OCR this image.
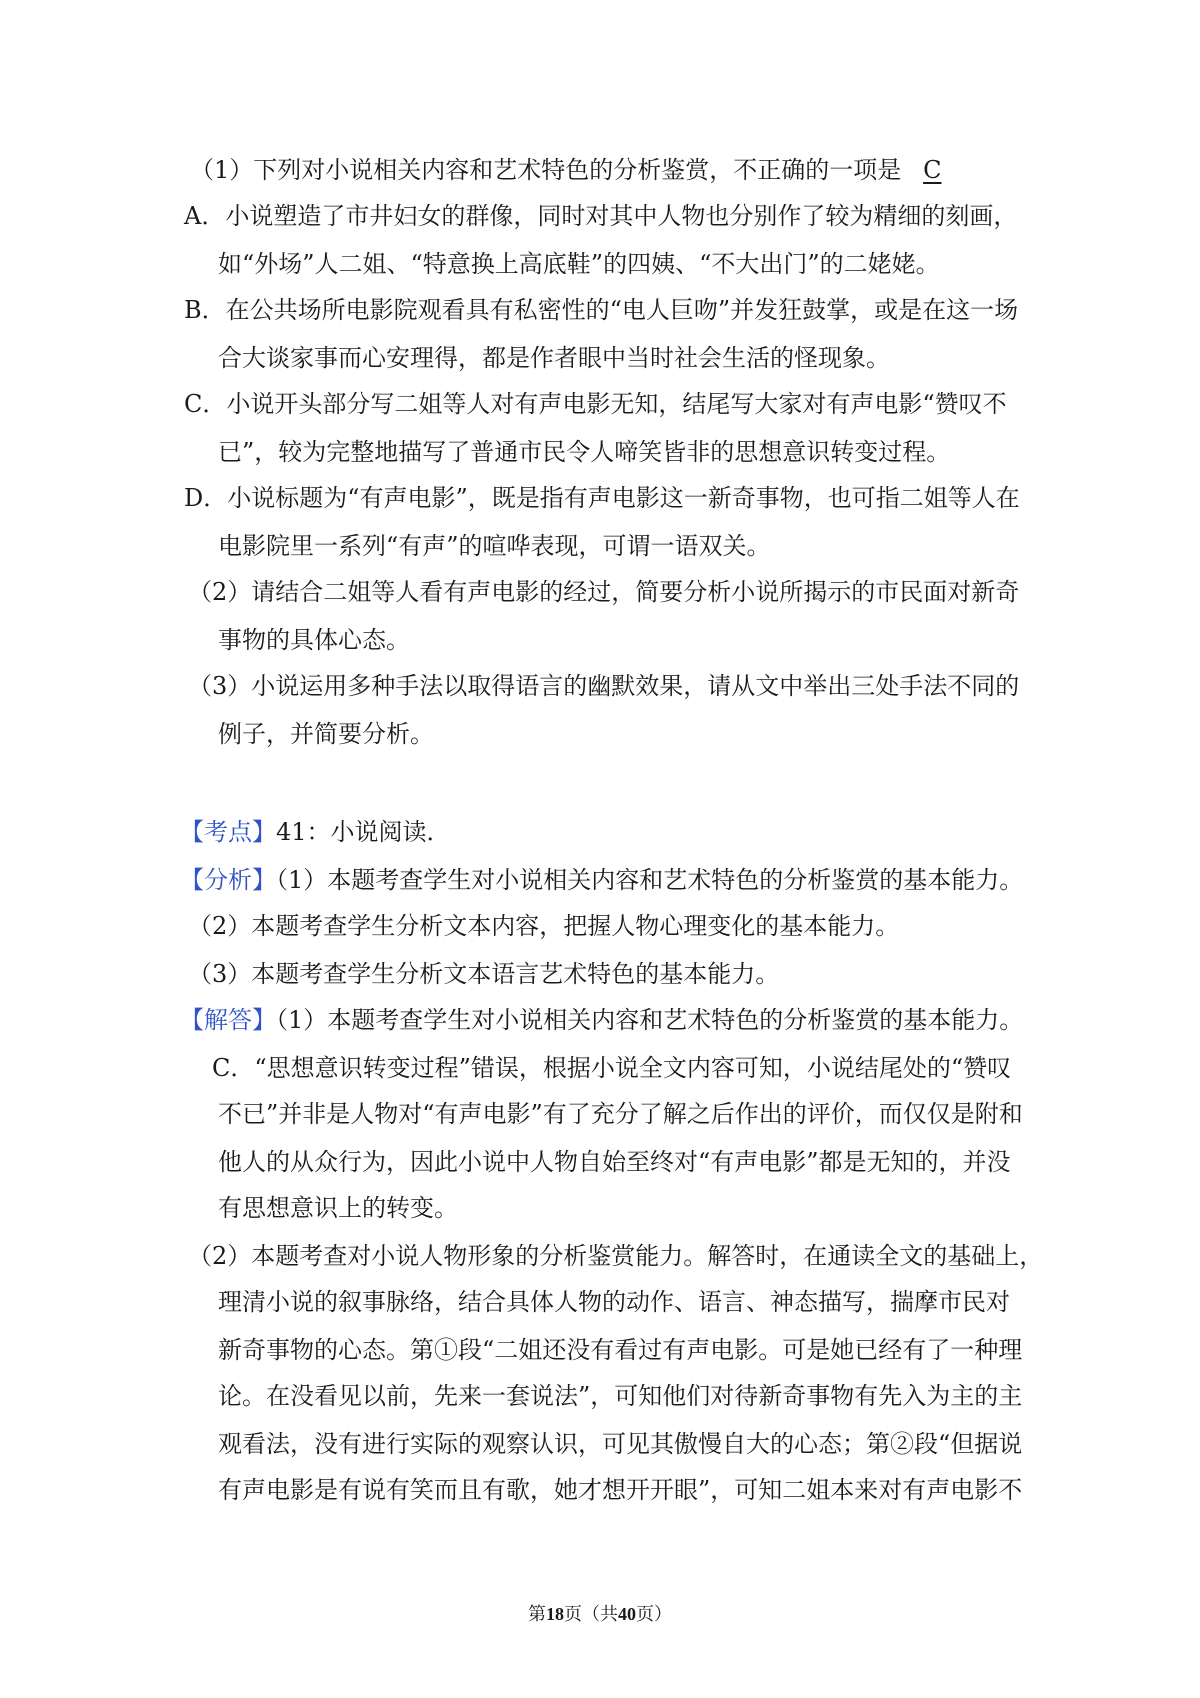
（1）下列对小说相关内容和艺术特色的分析鉴赏，不正确的一项是 C
A．小说塑造了市井妇女的群像，同时对其中人物也分别作了较为精细的刻画，
如“外场”人二姐、“特意换上高底鞋”的四姨、“不大出门”的二姥姥。
B．在公共场所电影院观看具有私密性的“电人巨吻”并发狂鼓掌，或是在这一场
合大谈家事而心安理得，都是作者眼中当时社会生活的怪现象。
C．小说开头部分写二姐等人对有声电影无知，结尾写大家对有声电影“赞叹不
已”，较为完整地描写了普通市民令人啼笑皆非的思想意识转变过程。
D．小说标题为“有声电影”，既是指有声电影这一新奇事物，也可指二姐等人在
电影院里一系列“有声”的喧哗表现，可谓一语双关。
（2）请结合二姐等人看有声电影的经过，简要分析小说所揭示的市民面对新奇
事物的具体心态。
（3）小说运用多种手法以取得语言的幽默效果，请从文中举出三处手法不同的
例子，并简要分析。
【考点】41：小说阅读．
【分析】（1）本题考查学生对小说相关内容和艺术特色的分析鉴赏的基本能力。
（2）本题考查学生分析文本内容，把握人物心理变化的基本能力。
（3）本题考查学生分析文本语言艺术特色的基本能力。
【解答】（1）本题考查学生对小说相关内容和艺术特色的分析鉴赏的基本能力。
C．“思想意识转变过程”错误，根据小说全文内容可知，小说结尾处的“赞叹
不已”并非是人物对“有声电影”有了充分了解之后作出的评价，而仅仅是附和
他人的从众行为，因此小说中人物自始至终对“有声电影”都是无知的，并没
有思想意识上的转变。
（2）本题考查对小说人物形象的分析鉴赏能力。解答时，在通读全文的基础上，
理清小说的叙事脉络，结合具体人物的动作、语言、神态描写，揣摩市民对
新奇事物的心态。第①段“二姐还没有看过有声电影。可是她已经有了一种理
论。在没看见以前，先来一套说法”，可知他们对待新奇事物有先入为主的主
观看法，没有进行实际的观察认识，可见其傲慢自大的心态；第②段“但据说
有声电影是有说有笑而且有歌，她才想开开眼”，可知二姐本来对有声电影不
第18页（共40页）
